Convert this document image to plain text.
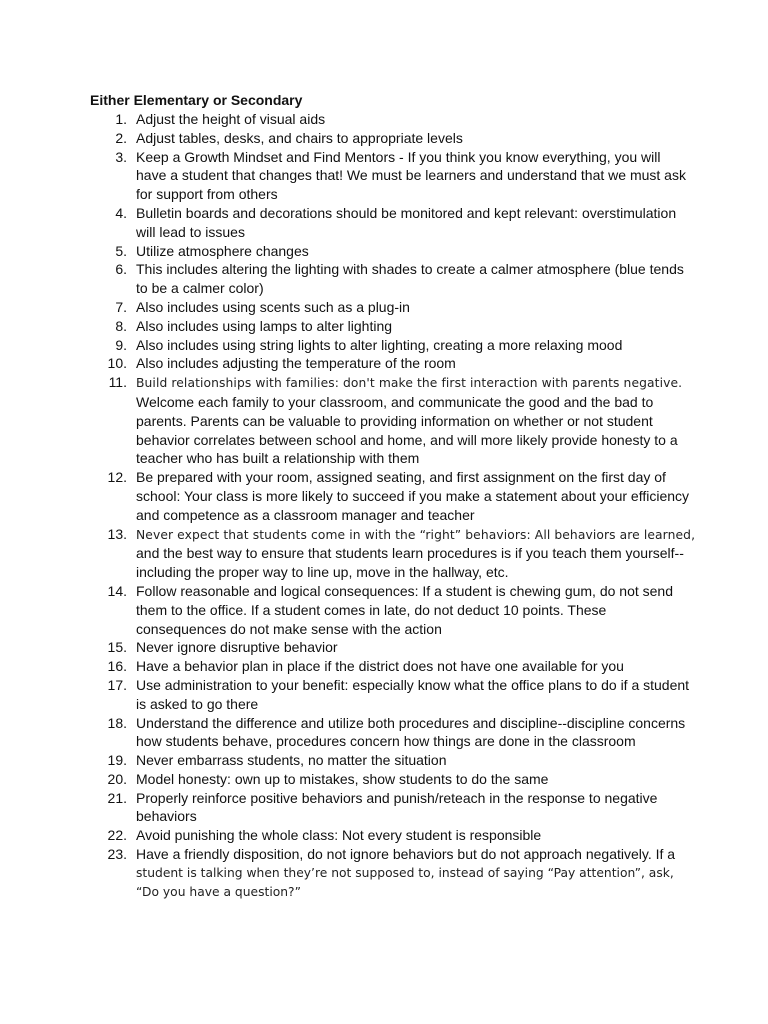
Either Elementary or Secondary
1. Adjust the height of visual aids
2. Adjust tables, desks, and chairs to appropriate levels
3. Keep a Growth Mindset and Find Mentors - If you think you know everything, you will have a student that changes that! We must be learners and understand that we must ask for support from others
4. Bulletin boards and decorations should be monitored and kept relevant: overstimulation will lead to issues
5. Utilize atmosphere changes
6. This includes altering the lighting with shades to create a calmer atmosphere (blue tends to be a calmer color)
7. Also includes using scents such as a plug-in
8. Also includes using lamps to alter lighting
9. Also includes using string lights to alter lighting, creating a more relaxing mood
10. Also includes adjusting the temperature of the room
11. Build relationships with families: don't make the first interaction with parents negative.
Welcome each family to your classroom, and communicate the good and the bad to parents. Parents can be valuable to providing information on whether or not student behavior correlates between school and home, and will more likely provide honesty to a teacher who has built a relationship with them
12. Be prepared with your room, assigned seating, and first assignment on the first day of school: Your class is more likely to succeed if you make a statement about your efficiency and competence as a classroom manager and teacher
13. Never expect that students come in with the “right” behaviors: All behaviors are learned,
and the best way to ensure that students learn procedures is if you teach them yourself--including the proper way to line up, move in the hallway, etc.
14. Follow reasonable and logical consequences: If a student is chewing gum, do not send them to the office. If a student comes in late, do not deduct 10 points. These consequences do not make sense with the action
15. Never ignore disruptive behavior
16. Have a behavior plan in place if the district does not have one available for you
17. Use administration to your benefit: especially know what the office plans to do if a student is asked to go there
18. Understand the difference and utilize both procedures and discipline--discipline concerns how students behave, procedures concern how things are done in the classroom
19. Never embarrass students, no matter the situation
20. Model honesty: own up to mistakes, show students to do the same
21. Properly reinforce positive behaviors and punish/reteach in the response to negative behaviors
22. Avoid punishing the whole class: Not every student is responsible
23. Have a friendly disposition, do not ignore behaviors but do not approach negatively. If a
student is talking when they’re not supposed to, instead of saying “Pay attention”, ask, “Do you have a question?”
